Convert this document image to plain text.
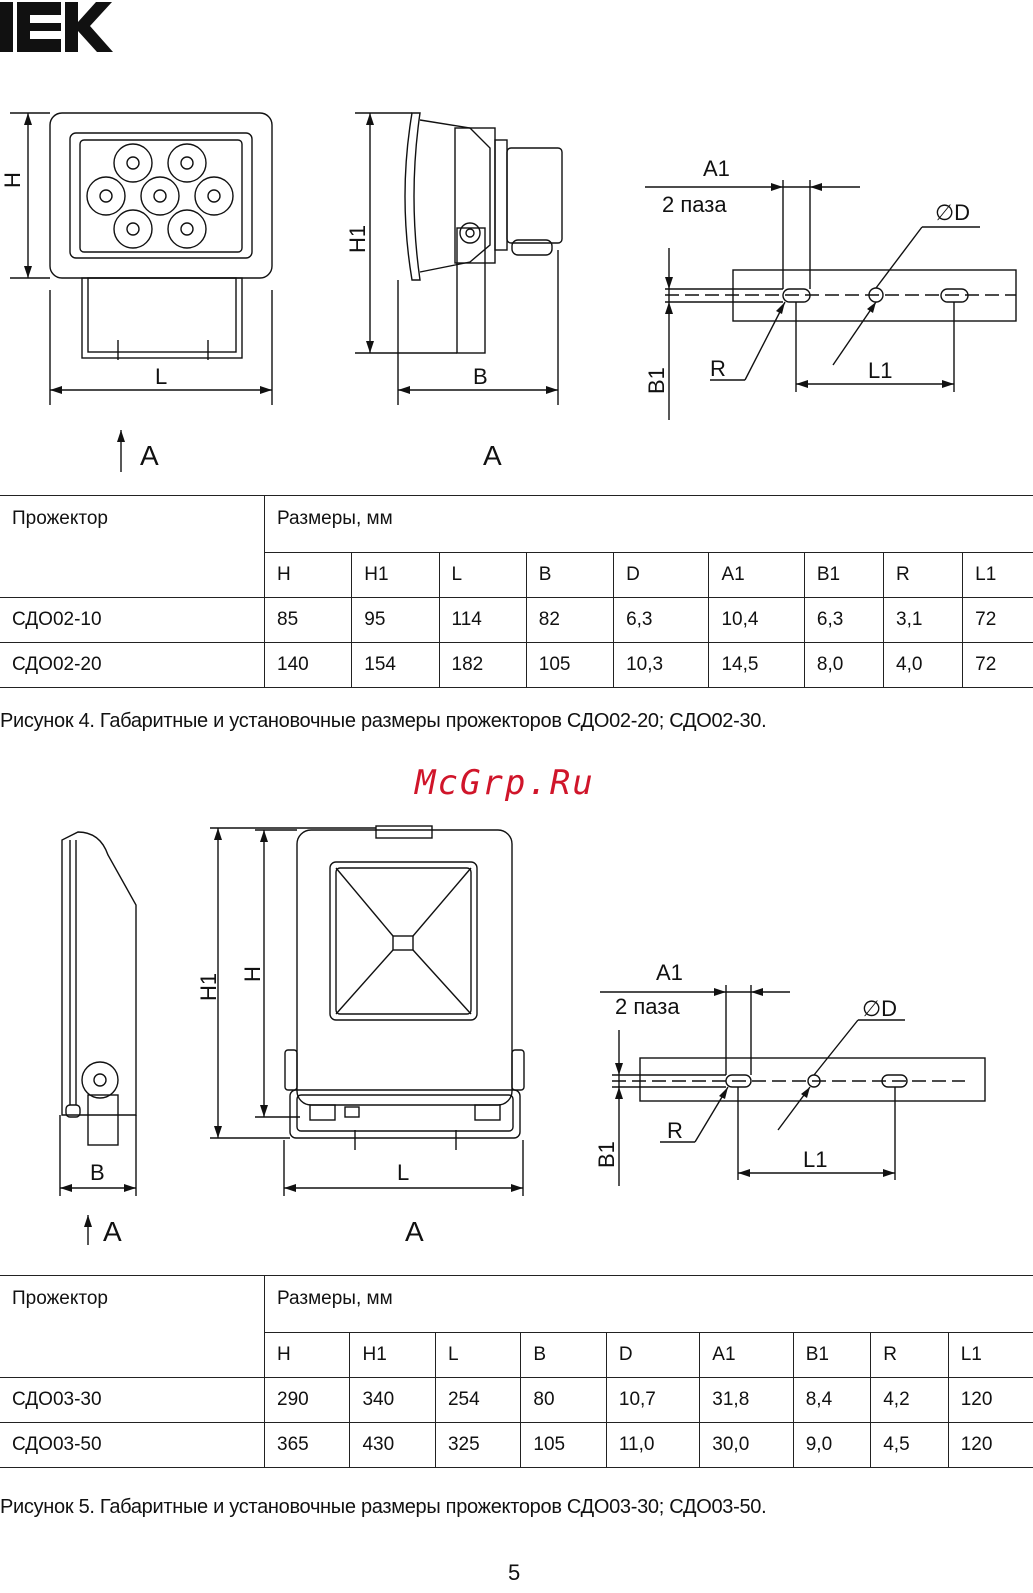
H
L
H1
B
A1
2 паза	∅D
R	L1
B1
A	A
H1 H
B	L
A1
2 паза	∅D
R
L1
B1
A	A
Прожектор	Размеры, мм								
	H	H1	L	B	D	A1	B1	R	L1
СДО02-10	85	95	114	82	6,3	10,4	6,3	3,1	72
СДО02-20	140	154	182	105	10,3	14,5	8,0	4,0	72
Рисунок 4. Габаритные и установочные размеры прожекторов СДО02-20; СДО02-30.
McGrp.Ru
Прожектор	Размеры, мм								
	H	H1	L	B	D	A1	B1	R	L1
СДО03-30	290	340	254	80	10,7	31,8	8,4	4,2	120
СДО03-50	365	430	325	105	11,0	30,0	9,0	4,5	120
Рисунок 5. Габаритные и установочные размеры прожекторов СДО03-30; СДО03-50.
5
